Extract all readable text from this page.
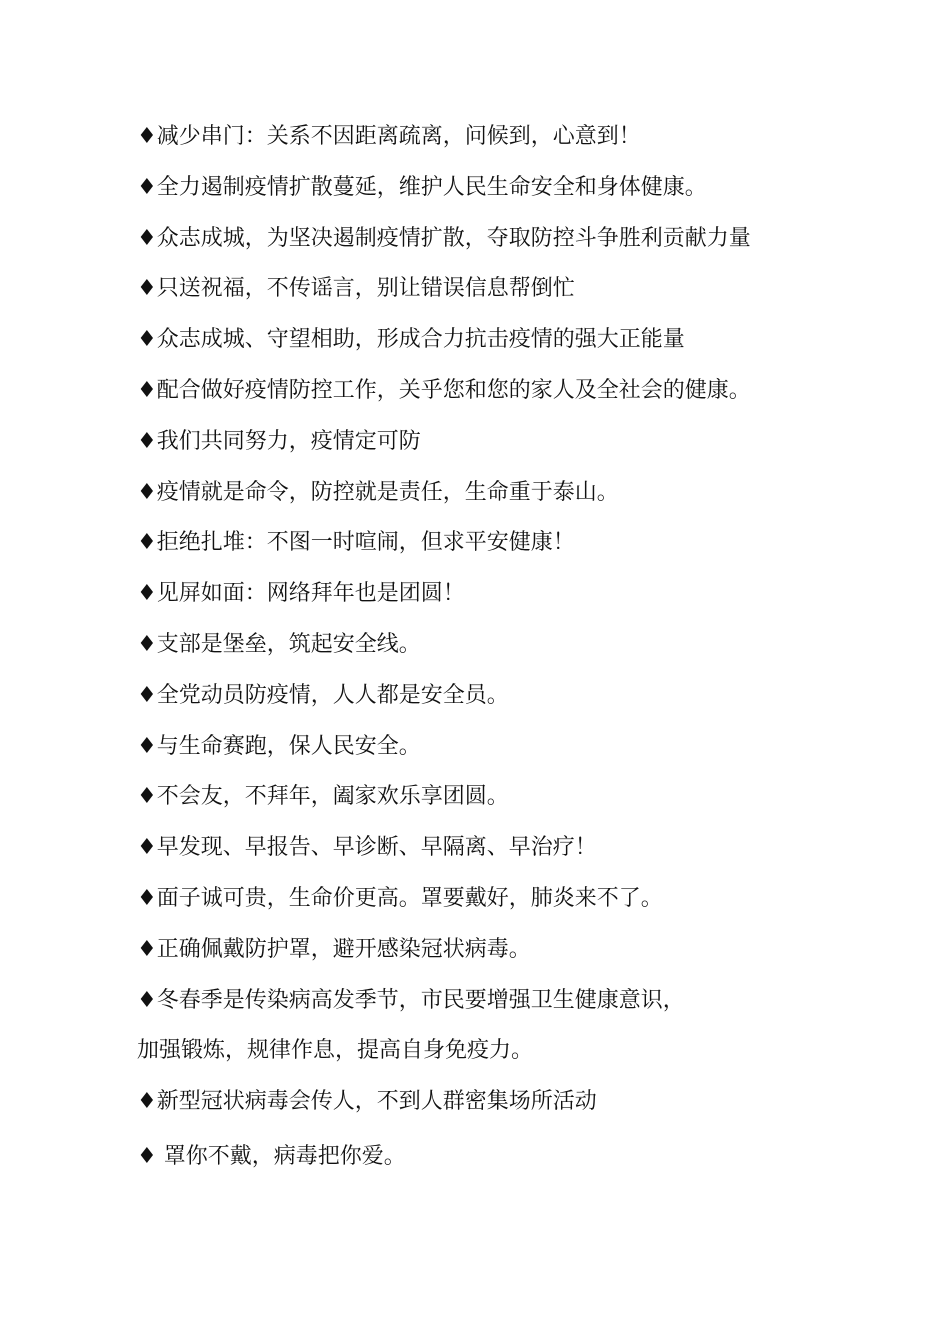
♦减少串门：关系不因距离疏离，问候到，心意到！
♦全力遏制疫情扩散蔓延，维护人民生命安全和身体健康。
♦众志成城，为坚决遏制疫情扩散，夺取防控斗争胜利贡献力量
♦只送祝福，不传谣言，别让错误信息帮倒忙
♦众志成城、守望相助，形成合力抗击疫情的强大正能量
♦配合做好疫情防控工作，关乎您和您的家人及全社会的健康。
♦我们共同努力，疫情定可防
♦疫情就是命令，防控就是责任，生命重于泰山。
♦拒绝扎堆：不图一时喧闹，但求平安健康！
♦见屏如面：网络拜年也是团圆！
♦支部是堡垒，筑起安全线。
♦全党动员防疫情，人人都是安全员。
♦与生命赛跑，保人民安全。
♦不会友，不拜年，阖家欢乐享团圆。
♦早发现、早报告、早诊断、早隔离、早治疗！
♦面子诚可贵，生命价更高。罩要戴好，肺炎来不了。
♦正确佩戴防护罩，避开感染冠状病毒。
♦冬春季是传染病高发季节，市民要增强卫生健康意识，
加强锻炼，规律作息，提高自身免疫力。
♦新型冠状病毒会传人，不到人群密集场所活动
♦ 罩你不戴，病毒把你爱。
